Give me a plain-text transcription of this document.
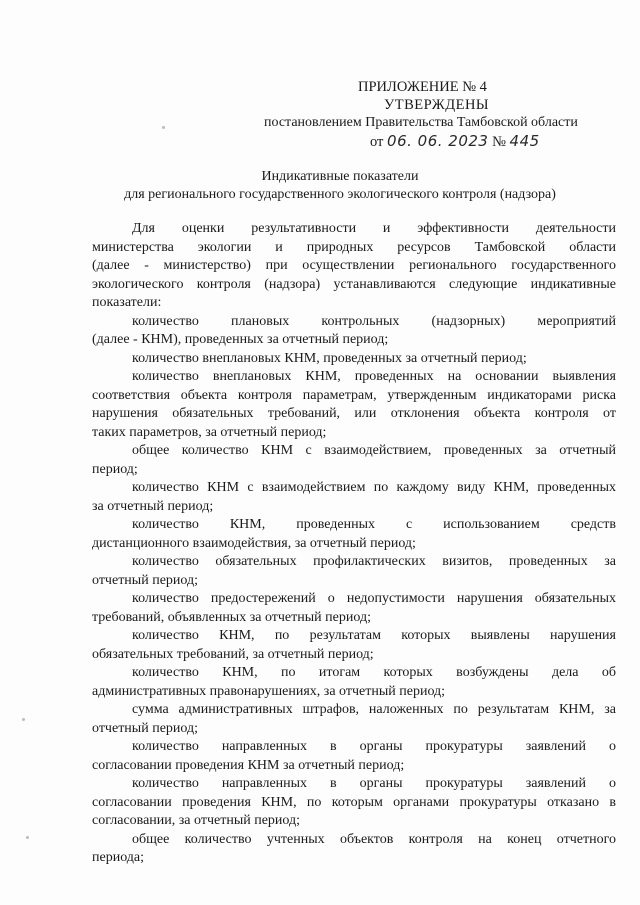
ПРИЛОЖЕНИЕ № 4
УТВЕРЖДЕНЫ
постановлением Правительства Тамбовской области
от 06. 06. 2023 № 445
Индикативные показатели
для регионального государственного экологического контроля (надзора)
Для оценки результативности и эффективности деятельности
министерства экологии и природных ресурсов Тамбовской области
(далее - министерство) при осуществлении регионального государственного
экологического контроля (надзора) устанавливаются следующие индикативные
показатели:
количество плановых контрольных (надзорных) мероприятий
(далее - КНМ), проведенных за отчетный период;
количество внеплановых КНМ, проведенных за отчетный период;
количество внеплановых КНМ, проведенных на основании выявления
соответствия объекта контроля параметрам, утвержденным индикаторами риска
нарушения обязательных требований, или отклонения объекта контроля от
таких параметров, за отчетный период;
общее количество КНМ с взаимодействием, проведенных за отчетный
период;
количество КНМ с взаимодействием по каждому виду КНМ, проведенных
за отчетный период;
количество КНМ, проведенных с использованием средств
дистанционного взаимодействия, за отчетный период;
количество обязательных профилактических визитов, проведенных за
отчетный период;
количество предостережений о недопустимости нарушения обязательных
требований, объявленных за отчетный период;
количество КНМ, по результатам которых выявлены нарушения
обязательных требований, за отчетный период;
количество КНМ, по итогам которых возбуждены дела об
административных правонарушениях, за отчетный период;
сумма административных штрафов, наложенных по результатам КНМ, за
отчетный период;
количество направленных в органы прокуратуры заявлений о
согласовании проведения КНМ за отчетный период;
количество направленных в органы прокуратуры заявлений о
согласовании проведения КНМ, по которым органами прокуратуры отказано в
согласовании, за отчетный период;
общее количество учтенных объектов контроля на конец отчетного
периода;
